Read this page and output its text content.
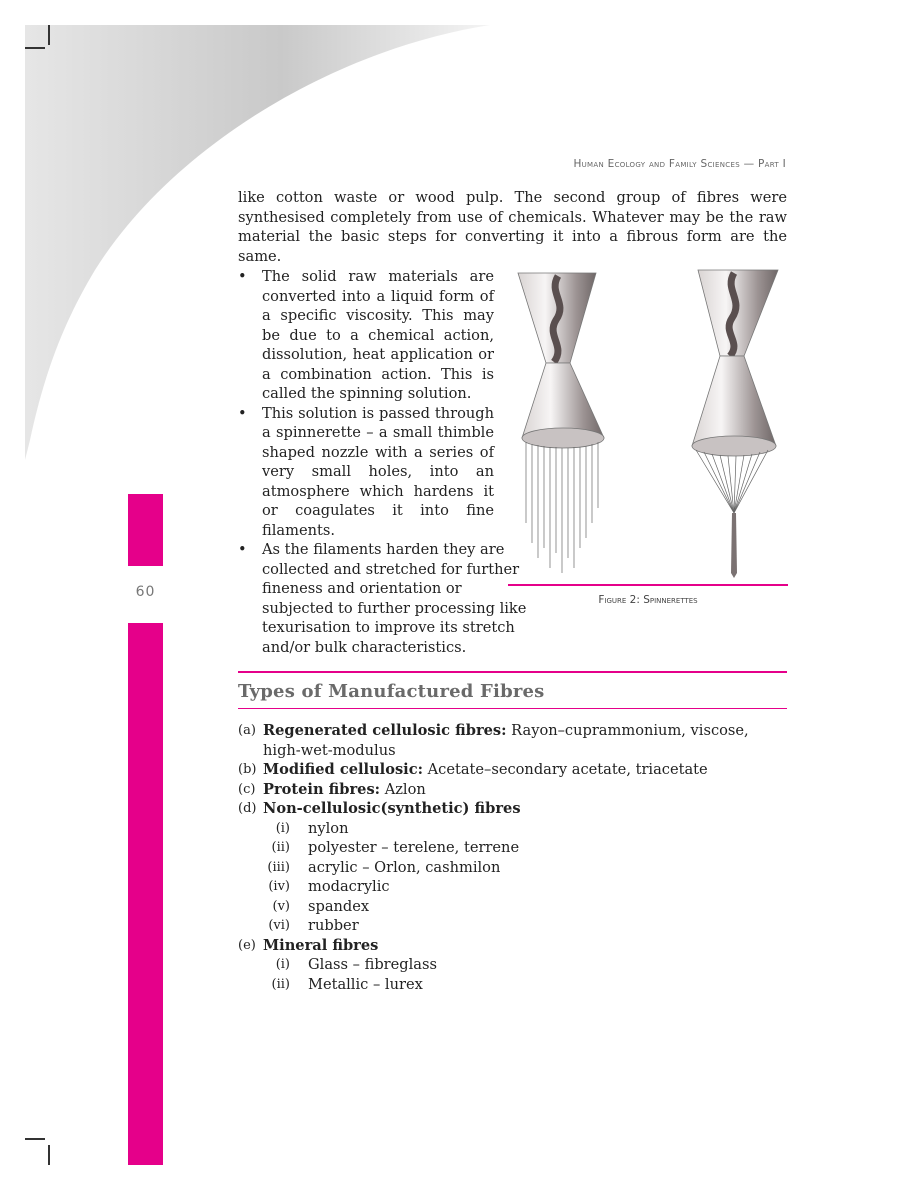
60
Human Ecology and Family Sciences — Part I

like cotton waste or wood pulp. The second group of fibres were synthesised completely from use of chemicals. Whatever may be the raw material the basic steps for converting it into a fibrous form are the same.

• The solid raw materials are converted into a liquid form of a specific viscosity. This may be due to a chemical action, dissolution, heat application or a combination action. This is called the spinning solution.
• This solution is passed through a spinnerette – a small thimble shaped nozzle with a series of very small holes, into an atmosphere which hardens it or coagulates it into fine filaments.
• As the filaments harden they are collected and stretched for further fineness and orientation or subjected to further processing like texurisation to improve its stretch and/or bulk characteristics.
Figure 2: Spinnerettes
Types of Manufactured Fibres
(a) Regenerated cellulosic fibres: Rayon–cuprammonium, viscose, high-wet-modulus
(b) Modified cellulosic: Acetate–secondary acetate, triacetate
(c) Protein fibres: Azlon
(d) Non-cellulosic(synthetic) fibres
(i) nylon
(ii) polyester – terelene, terrene
(iii) acrylic – Orlon, cashmilon
(iv) modacrylic
(v) spandex
(vi) rubber
(e) Mineral fibres
(i) Glass – fibreglass
(ii) Metallic – lurex
